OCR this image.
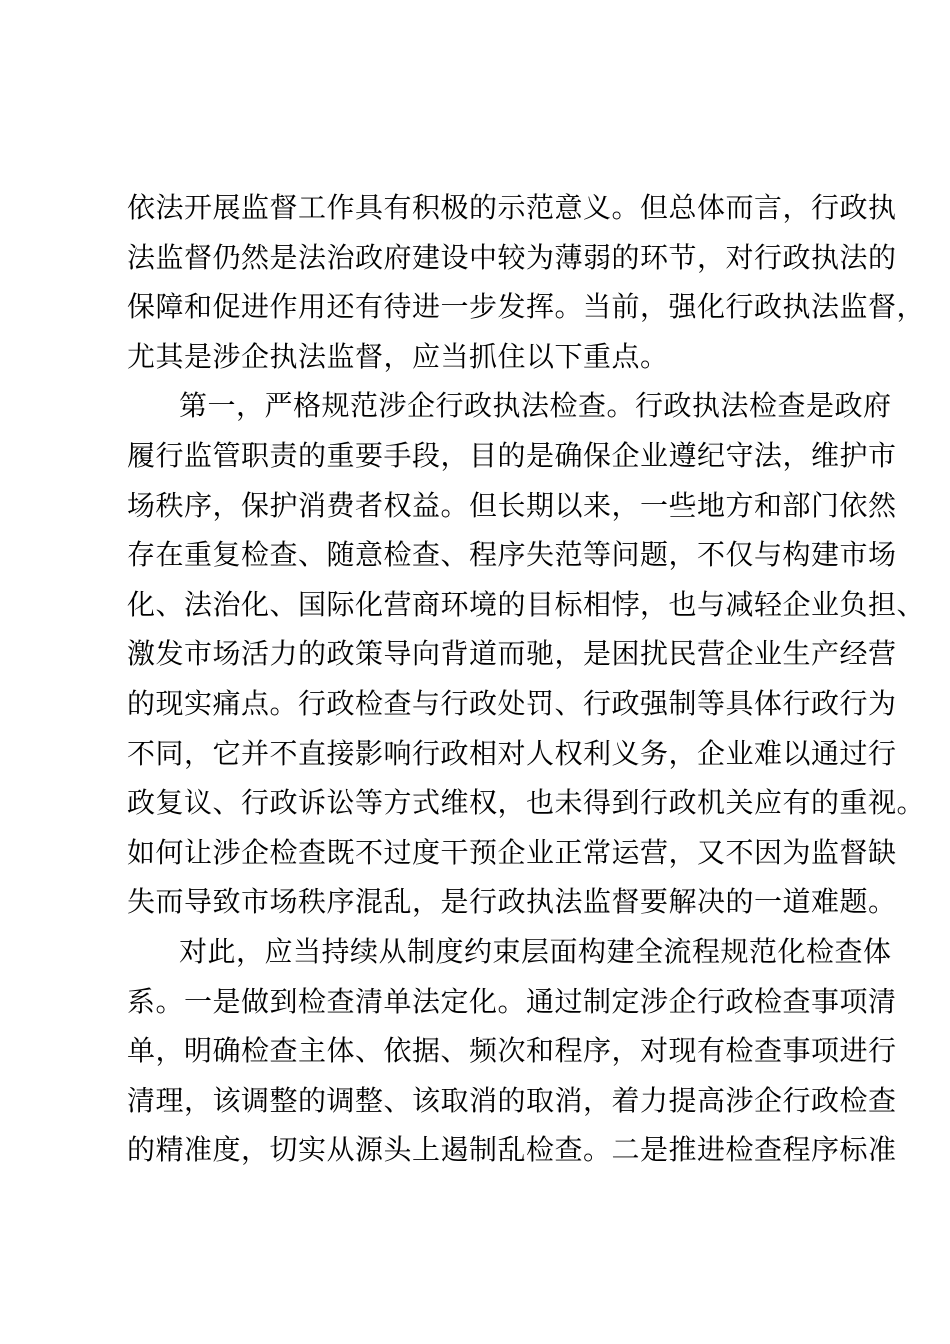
依法开展监督工作具有积极的示范意义。但总体而言，行政执
法监督仍然是法治政府建设中较为薄弱的环节，对行政执法的
保障和促进作用还有待进一步发挥。当前，强化行政执法监督，
尤其是涉企执法监督，应当抓住以下重点。
第一，严格规范涉企行政执法检查。行政执法检查是政府
履行监管职责的重要手段，目的是确保企业遵纪守法，维护市
场秩序，保护消费者权益。但长期以来，一些地方和部门依然
存在重复检查、随意检查、程序失范等问题，不仅与构建市场
化、法治化、国际化营商环境的目标相悖，也与减轻企业负担、
激发市场活力的政策导向背道而驰，是困扰民营企业生产经营
的现实痛点。行政检查与行政处罚、行政强制等具体行政行为
不同，它并不直接影响行政相对人权利义务，企业难以通过行
政复议、行政诉讼等方式维权，也未得到行政机关应有的重视。
如何让涉企检查既不过度干预企业正常运营，又不因为监督缺
失而导致市场秩序混乱，是行政执法监督要解决的一道难题。
对此，应当持续从制度约束层面构建全流程规范化检查体
系。一是做到检查清单法定化。通过制定涉企行政检查事项清
单，明确检查主体、依据、频次和程序，对现有检查事项进行
清理，该调整的调整、该取消的取消，着力提高涉企行政检查
的精准度，切实从源头上遏制乱检查。二是推进检查程序标准
